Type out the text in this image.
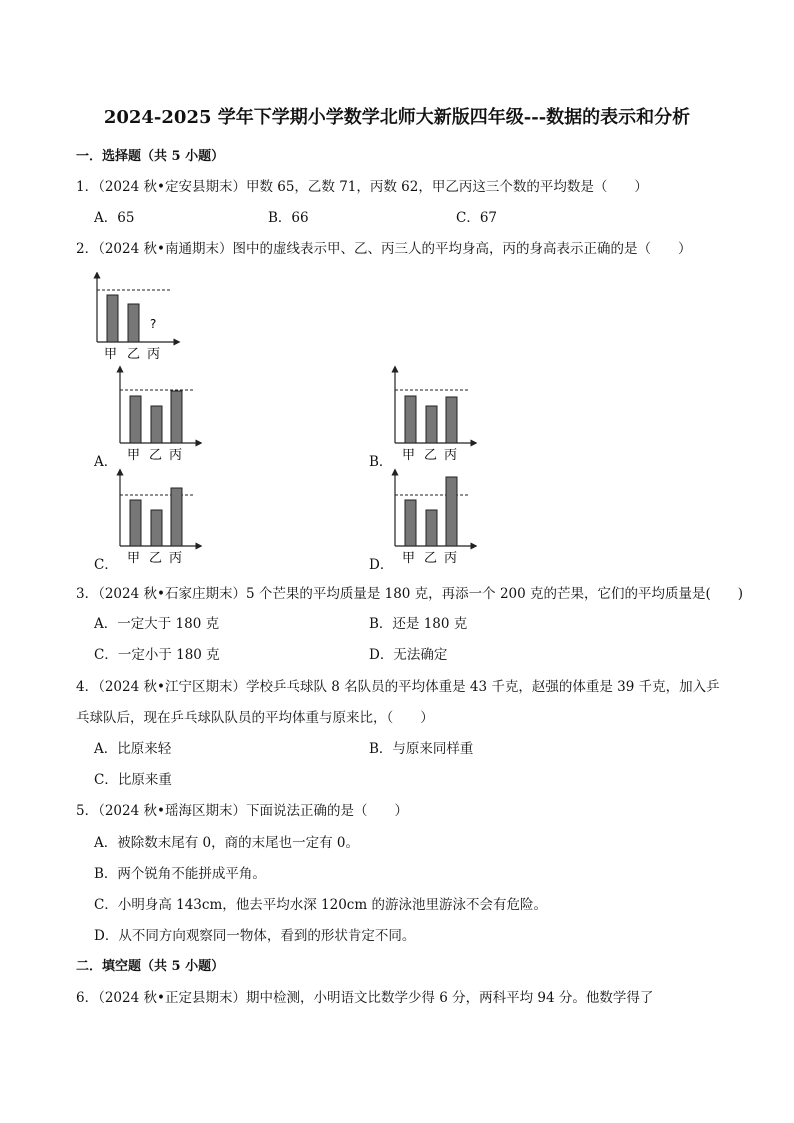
2024-2025 学年下学期小学数学北师大新版四年级---数据的表示和分析
一．选择题（共 5 小题）
1．（2024 秋•定安县期末）甲数 65，乙数 71，丙数 62，甲乙丙这三个数的平均数是（　　）
A．65	B．66	C．67
2．（2024 秋•南通期末）图中的虚线表示甲、乙、丙三人的平均身高，丙的身高表示正确的是（　　）
?
甲 乙 丙
A． 甲 乙 丙	B． 甲 乙 丙
C． 甲 乙 丙	D． 甲 乙 丙
3．（2024 秋•石家庄期末）5 个芒果的平均质量是 180 克，再添一个 200 克的芒果，它们的平均质量是(　　)
A．一定大于 180 克	B．还是 180 克
C．一定小于 180 克	D．无法确定
4．（2024 秋•江宁区期末）学校乒乓球队 8 名队员的平均体重是 43 千克，赵强的体重是 39 千克，加入乒
乓球队后，现在乒乓球队队员的平均体重与原来比，（　　）
A．比原来轻	B．与原来同样重
C．比原来重
5．（2024 秋•瑶海区期末）下面说法正确的是（　　）
A．被除数末尾有 0，商的末尾也一定有 0。
B．两个锐角不能拼成平角。
C．小明身高 143cm，他去平均水深 120cm 的游泳池里游泳不会有危险。
D．从不同方向观察同一物体，看到的形状肯定不同。
二．填空题（共 5 小题）
6．（2024 秋•正定县期末）期中检测，小明语文比数学少得 6 分，两科平均 94 分。他数学得了
